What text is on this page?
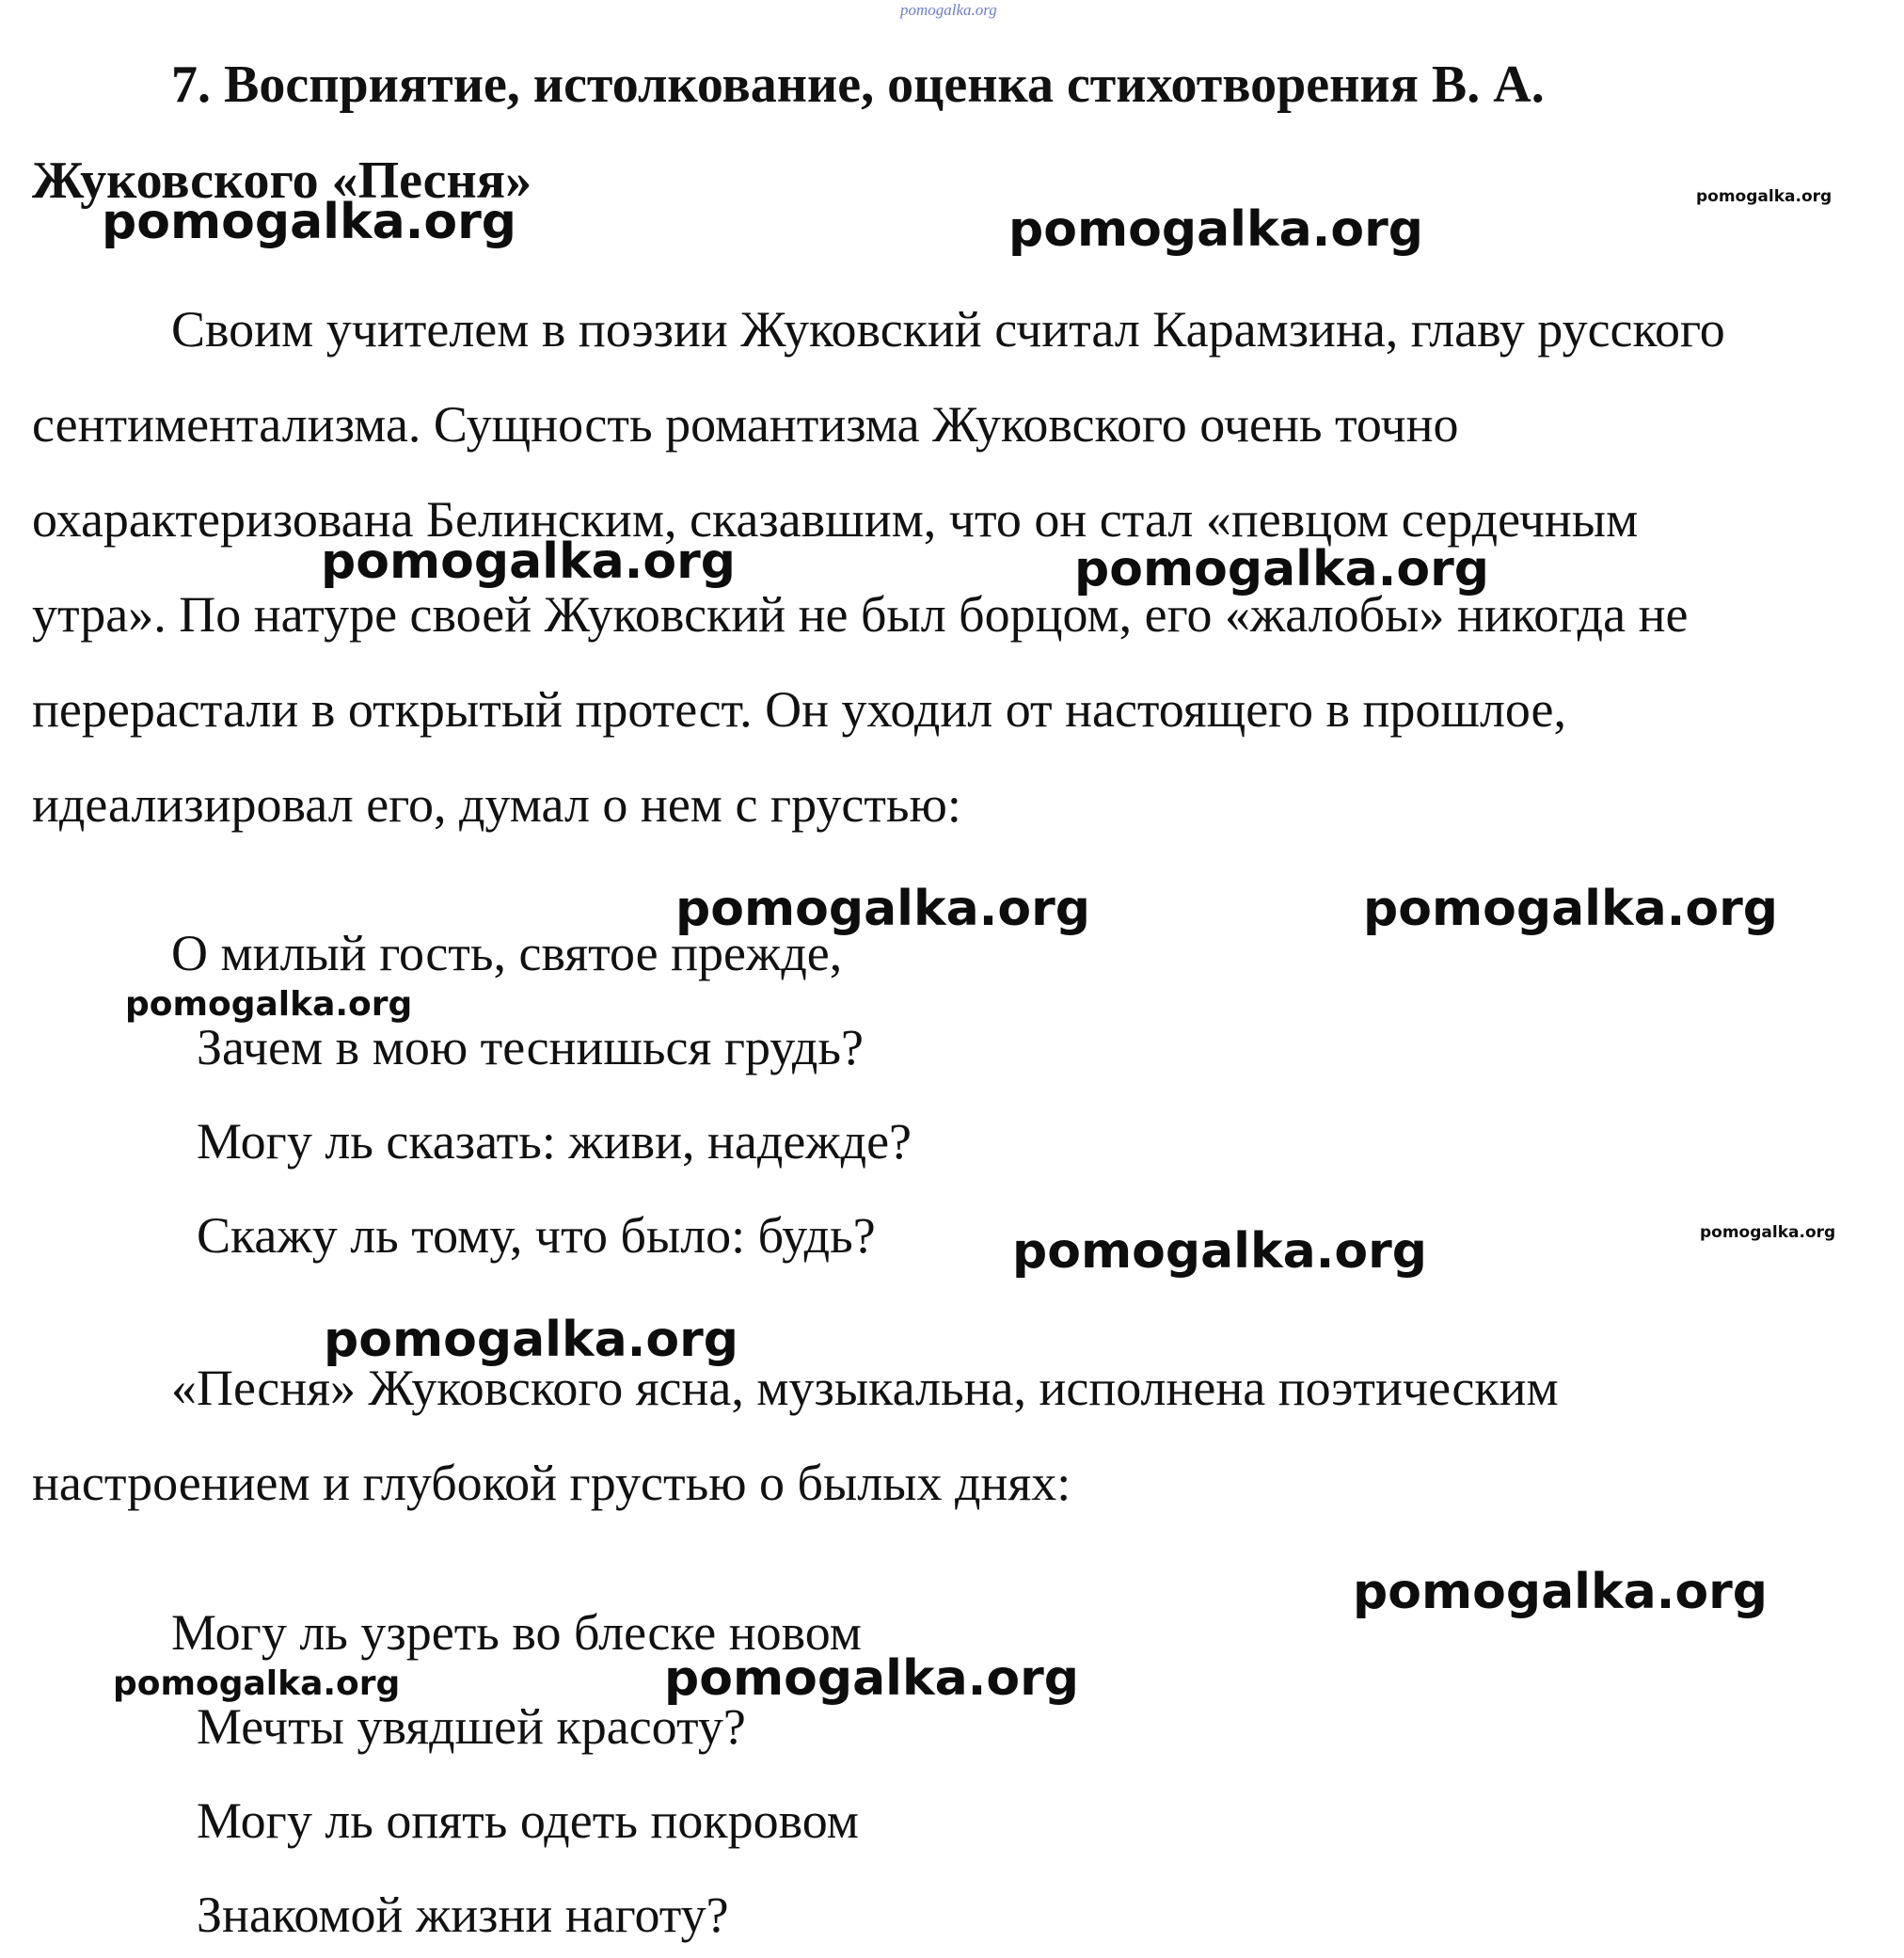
pomogalka.org
7. Восприятие, истолкование, оценка стихотворения В. А.
Жуковского «Песня»
Своим учителем в поэзии Жуковский считал Карамзина, главу русского
сентиментализма. Сущность романтизма Жуковского очень точно
охарактеризована Белинским, сказавшим, что он стал «певцом сердечным
утра». По натуре своей Жуковский не был борцом, его «жалобы» никогда не
перерастали в открытый протест. Он уходил от настоящего в прошлое,
идеализировал его, думал о нем с грустью:
О милый гость, святое прежде,
Зачем в мою теснишься грудь?
Могу ль сказать: живи, надежде?
Скажу ль тому, что было: будь?
«Песня» Жуковского ясна, музыкальна, исполнена поэтическим
настроением и глубокой грустью о былых днях:
Могу ль узреть во блеске новом
Мечты увядшей красоту?
Могу ль опять одеть покровом
Знакомой жизни наготу?
pomogalka.org	pomogalka.org
pomogalka.org
pomogalka.org	pomogalka.org
pomogalka.org	pomogalka.org
pomogalka.org
pomogalka.org	pomogalka.org
pomogalka.org
pomogalka.org
pomogalka.org	pomogalka.org
